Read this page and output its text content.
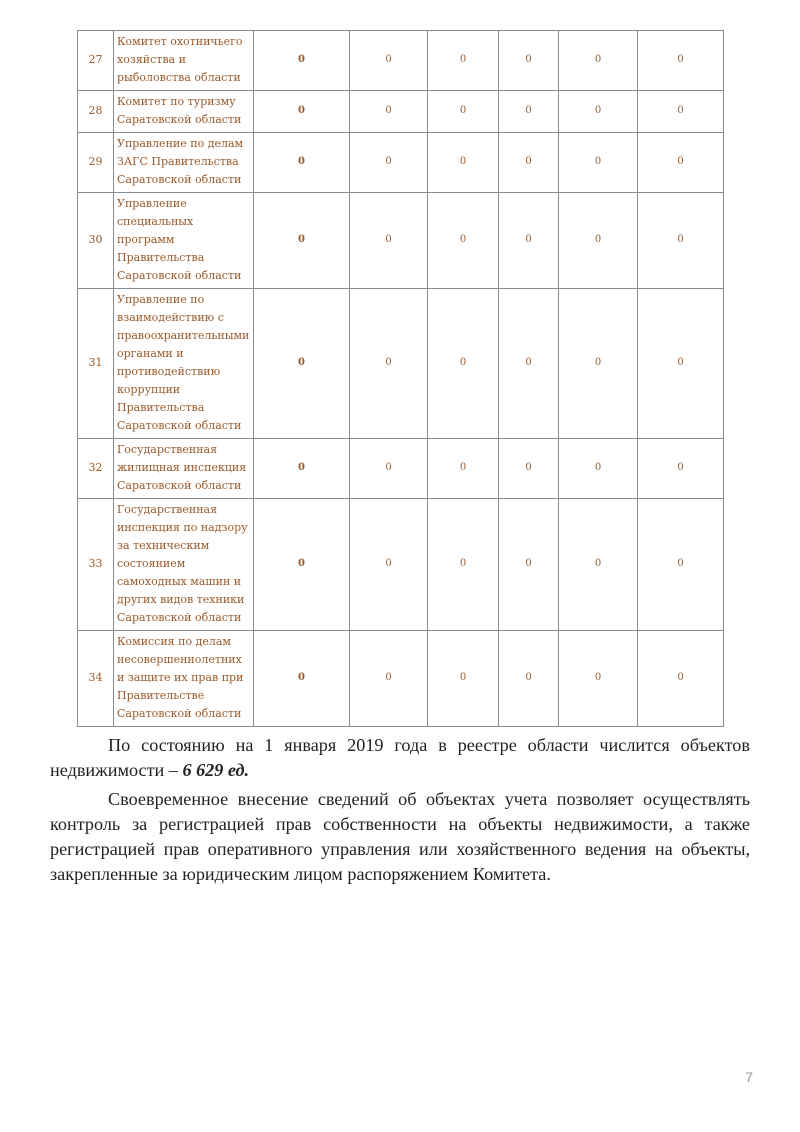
27	Комитет охотничьего хозяйства и рыболовства области	0	0	0	0	0	0
28	Комитет по туризму Саратовской области	0	0	0	0	0	0
29	Управление по делам ЗАГС Правительства Саратовской области	0	0	0	0	0	0
30	Управление специальных программ Правительства Саратовской области	0	0	0	0	0	0
31	Управление по взаимодействию с правоохранительными органами и противодействию коррупции Правительства Саратовской области	0	0	0	0	0	0
32	Государственная жилищная инспекция Саратовской области	0	0	0	0	0	0
33	Государственная инспекция по надзору за техническим состоянием самоходных машин и других видов техники Саратовской области	0	0	0	0	0	0
34	Комиссия по делам несовершеннолетних и защите их прав при Правительстве Саратовской области	0	0	0	0	0	0

По состоянию на 1 января 2019 года в реестре области числится объектов недвижимости – 6 629 ед.

Своевременное внесение сведений об объектах учета позволяет осуществлять контроль за регистрацией прав собственности на объекты недвижимости, а также регистрацией прав оперативного управления или хозяйственного ведения на объекты, закрепленные за юридическим лицом распоряжением Комитета.

7
